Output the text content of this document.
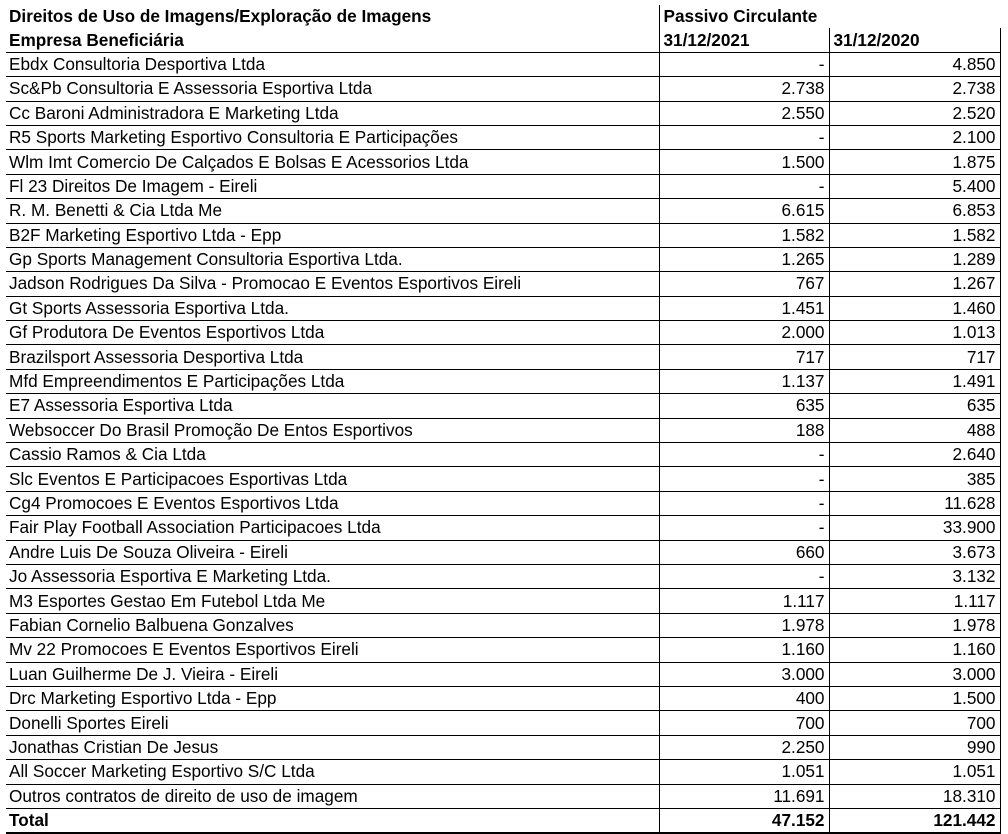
Direitos de Uso de Imagens/Exploração de Imagens	Passivo Circulante	
Empresa Beneficiária	31/12/2021	31/12/2020
Ebdx Consultoria Desportiva Ltda	-	4.850
Sc&Pb Consultoria E Assessoria Esportiva Ltda	2.738	2.738
Cc Baroni Administradora E Marketing Ltda	2.550	2.520
R5 Sports Marketing Esportivo Consultoria E Participações	-	2.100
Wlm Imt Comercio De Calçados E Bolsas E Acessorios Ltda	1.500	1.875
Fl 23 Direitos De Imagem - Eireli	-	5.400
R. M. Benetti & Cia Ltda Me	6.615	6.853
B2F Marketing Esportivo Ltda - Epp	1.582	1.582
Gp Sports Management Consultoria Esportiva Ltda.	1.265	1.289
Jadson Rodrigues Da Silva - Promocao E Eventos Esportivos Eireli	767	1.267
Gt Sports Assessoria Esportiva Ltda.	1.451	1.460
Gf Produtora De Eventos Esportivos Ltda	2.000	1.013
Brazilsport Assessoria Desportiva Ltda	717	717
Mfd Empreendimentos E Participações Ltda	1.137	1.491
E7 Assessoria Esportiva Ltda	635	635
Websoccer Do Brasil Promoção De Entos Esportivos	188	488
Cassio Ramos & Cia Ltda	-	2.640
Slc Eventos E Participacoes Esportivas Ltda	-	385
Cg4 Promocoes E Eventos Esportivos Ltda	-	11.628
Fair Play Football Association Participacoes Ltda	-	33.900
Andre Luis De Souza Oliveira - Eireli	660	3.673
Jo Assessoria Esportiva E Marketing Ltda.	-	3.132
M3 Esportes Gestao Em Futebol Ltda Me	1.117	1.117
Fabian Cornelio Balbuena Gonzalves	1.978	1.978
Mv 22 Promocoes E Eventos Esportivos Eireli	1.160	1.160
Luan Guilherme De J. Vieira - Eireli	3.000	3.000
Drc Marketing Esportivo Ltda - Epp	400	1.500
Donelli Sportes Eireli	700	700
Jonathas Cristian De Jesus	2.250	990
All Soccer Marketing Esportivo S/C Ltda	1.051	1.051
Outros contratos de direito de uso de imagem	11.691	18.310
Total	47.152	121.442
